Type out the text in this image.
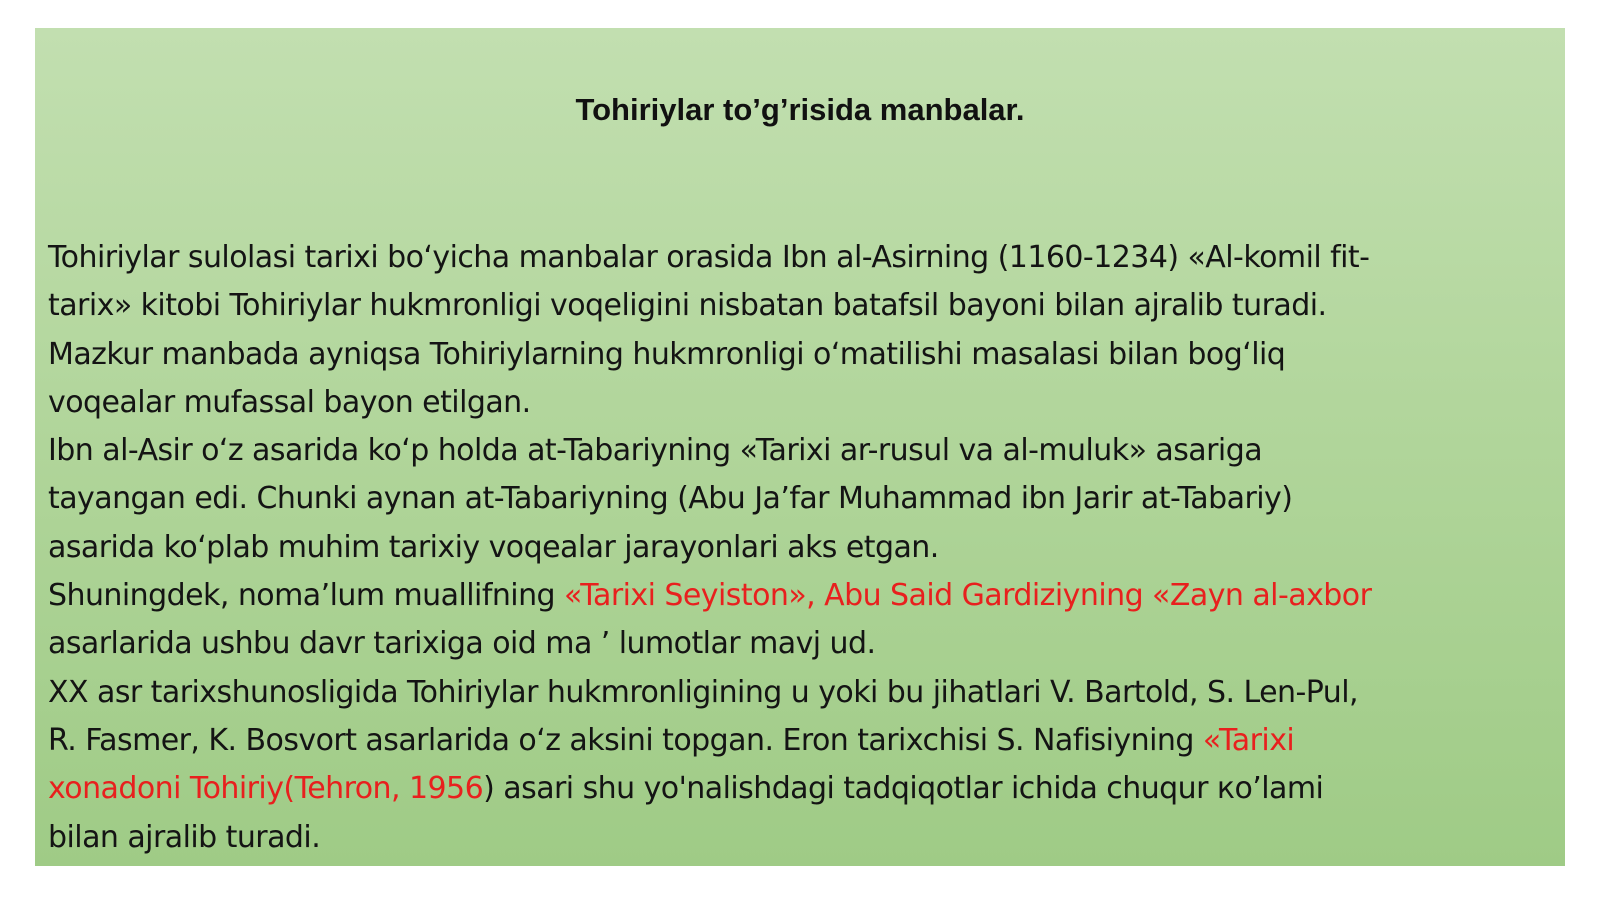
Tohiriylar to’g’risida manbalar.
Tohiriylar sulolasi tarixi boʻyicha manbalar orasida Ibn al-Asirning (1160-1234) «Al-komil fit-
tarix» kitobi Tohiriylar hukmronligi voqeligini nisbatan batafsil bayoni bilan ajralib turadi.
Mazkur manbada ayniqsa Tohiriylarning hukmronligi oʻmatilishi masalasi bilan bogʻliq
voqealar mufassal bayon etilgan.
Ibn al-Asir oʻz asarida koʻp holda at-Tabariyning «Tarixi ar-rusul va al-muluk» asariga
tayangan edi. Chunki aynan at-Tabariyning (Abu Ja’far Muhammad ibn Jarir at-Tabariy)
asarida koʻplab muhim tarixiy voqealar jarayonlari aks etgan.
Shuningdek, noma’lum muallifning «Tarixi Seyiston», Abu Said Gardiziyning «Zayn al-axbor
asarlarida ushbu davr tarixiga oid ma ’ lumotlar mavj ud.
XX asr tarixshunosligida Tohiriylar hukmronligining u yoki bu jihatlari V. Bartold, S. Len-Pul,
R. Fasmer, K. Bosvort asarlarida oʻz aksini topgan. Eron tarixchisi S. Nafisiyning «Tarixi
xonadoni Tohiriy(Tehron, 1956) asari shu yo'nalishdagi tadqiqotlar ichida chuqur кo’lami
bilan ajralib turadi.
